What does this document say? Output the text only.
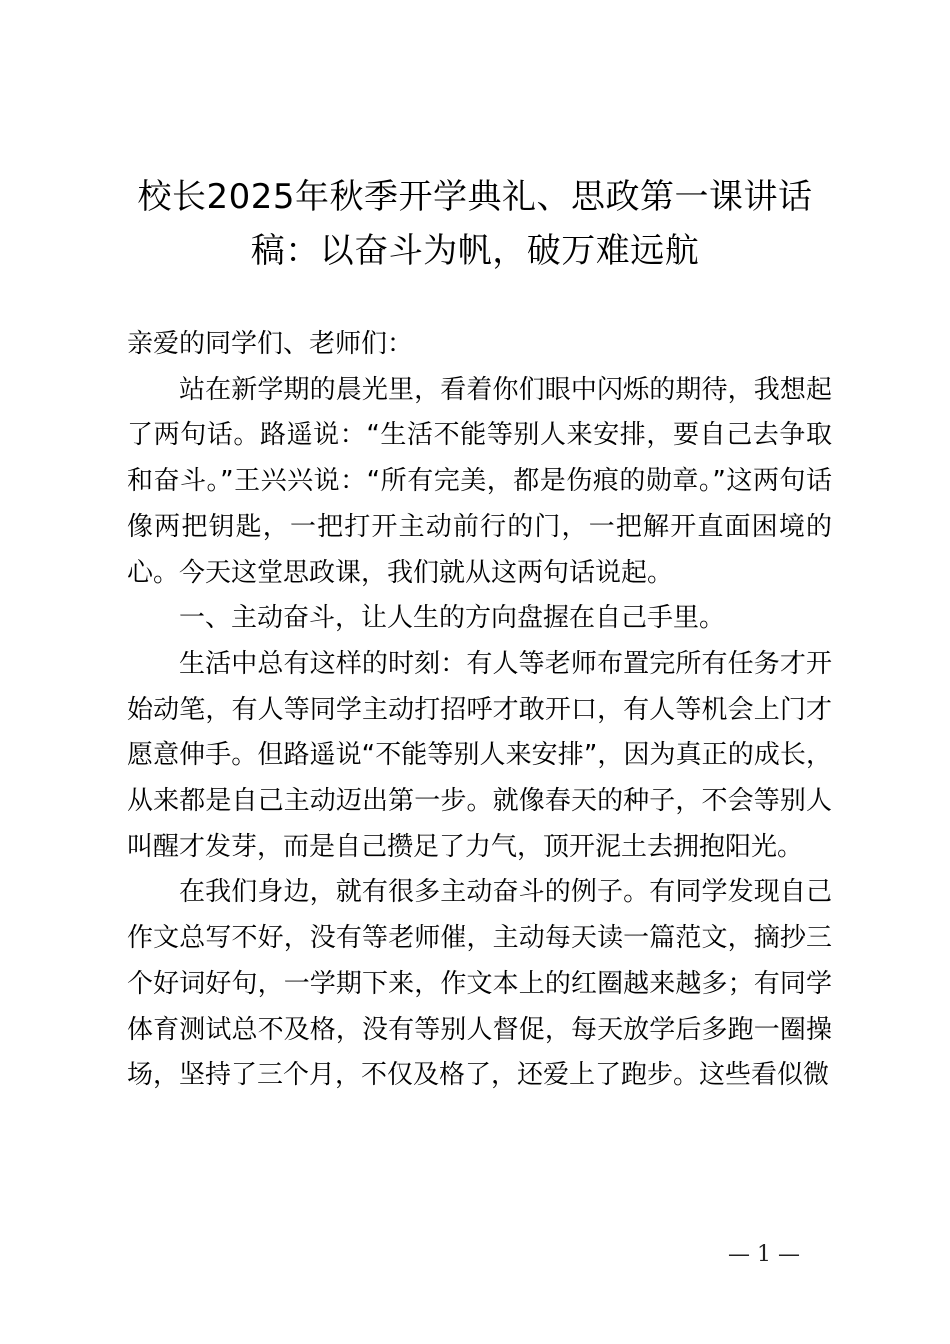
校长2025年秋季开学典礼、思政第一课讲话
稿：以奋斗为帆，破万难远航

亲爱的同学们、老师们：

站在新学期的晨光里，看着你们眼中闪烁的期待，我想起了两句话。路遥说：“生活不能等别人来安排，要自己去争取和奋斗。”王兴兴说：“所有完美，都是伤痕的勋章。”这两句话像两把钥匙，一把打开主动前行的门，一把解开直面困境的心。今天这堂思政课，我们就从这两句话说起。

一、主动奋斗，让人生的方向盘握在自己手里。

生活中总有这样的时刻：有人等老师布置完所有任务才开始动笔，有人等同学主动打招呼才敢开口，有人等机会上门才愿意伸手。但路遥说“不能等别人来安排”，因为真正的成长，从来都是自己主动迈出第一步。就像春天的种子，不会等别人叫醒才发芽，而是自己攒足了力气，顶开泥土去拥抱阳光。

在我们身边，就有很多主动奋斗的例子。有同学发现自己作文总写不好，没有等老师催，主动每天读一篇范文，摘抄三个好词好句，一学期下来，作文本上的红圈越来越多；有同学体育测试总不及格，没有等别人督促，每天放学后多跑一圈操场，坚持了三个月，不仅及格了，还爱上了跑步。这些看似微

— 1 —
